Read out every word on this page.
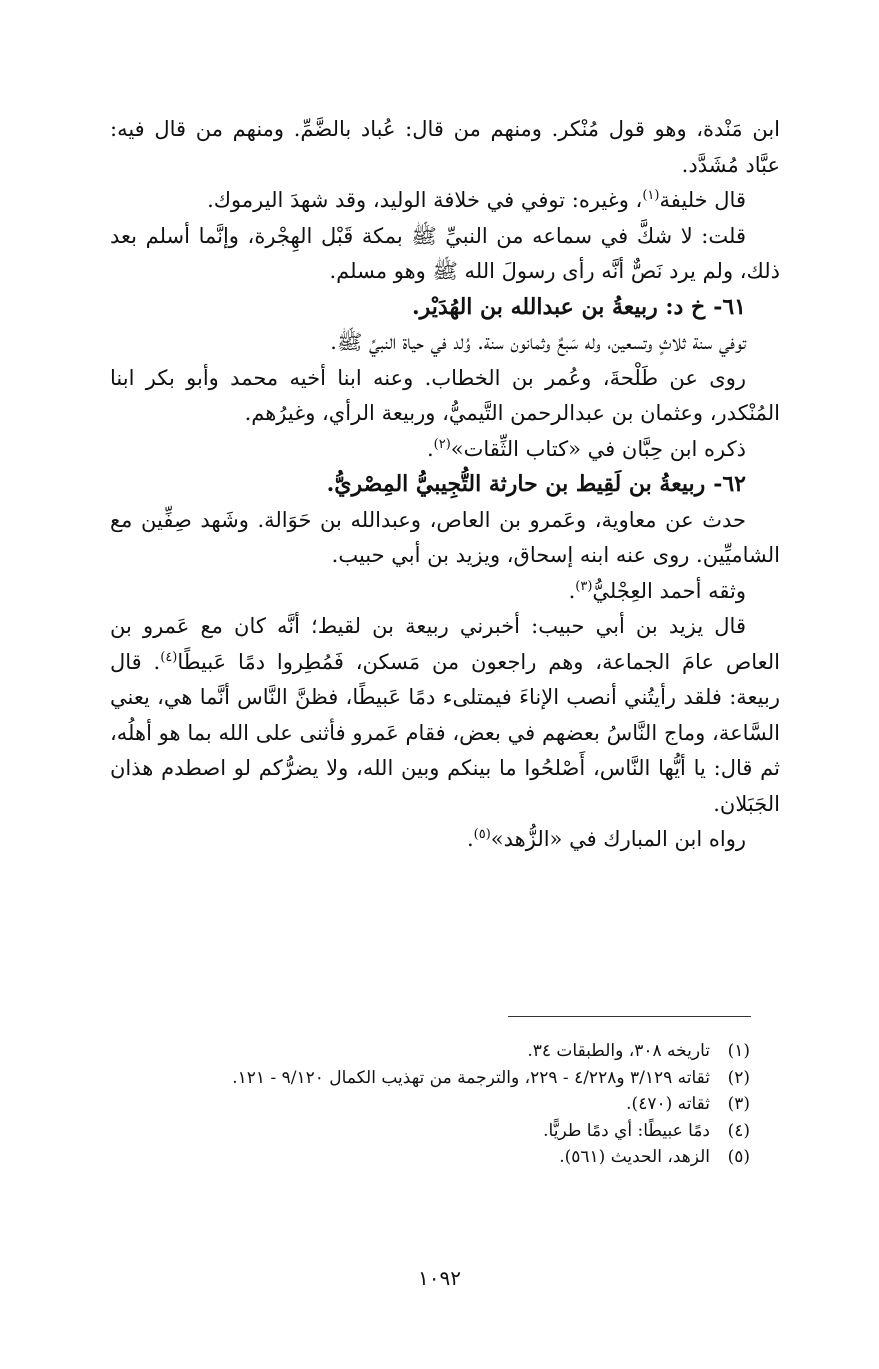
ابن مَنْدة، وهو قول مُنْكر. ومنهم من قال: عُباد بالضَّمِّ. ومنهم من قال فيه: عبَّاد مُشَدَّد.

قال خليفة$^{(١)}$، وغيره: توفي في خلافة الوليد، وقد شهدَ اليرموك.

قلت: لا شكَّ في سماعه من النبيِّ ﷺ بمكة قَبْل الهِجْرة، وإنَّما أسلم بعد ذلك، ولم يرد نَصٌّ أنَّه رأى رسولَ الله ﷺ وهو مسلم.

٦١-خ د: ربيعةُ بن عبدالله بن الهُدَيْر.

توفي سنة ثلاثٍ وتسعين، وله سَبعٌ وثمانون سنة. وُلد في حياة النبيِّ ﷺ.

روى عن طَلْحةَ، وعُمر بن الخطاب. وعنه ابنا أخيه محمد وأبو بكر ابنا المُنْكدر، وعثمان بن عبدالرحمن التَّيميُّ، وربيعة الرأي، وغيرُهم.

ذكره ابن حِبَّان في «كتاب الثِّقات»$^{(٢)}$.

٦٢-ربيعةُ بن لَقِيط بن حارثة التُّجِيبيُّ المِصْريُّ.

حدث عن معاوية، وعَمرو بن العاص، وعبدالله بن حَوَالة. وشَهد صِفِّين مع الشاميِّين. روى عنه ابنه إسحاق، ويزيد بن أبي حبيب.

وثقه أحمد العِجْليُّ$^{(٣)}$.

قال يزيد بن أبي حبيب: أخبرني ربيعة بن لقيط؛ أنَّه كان مع عَمرو بن العاص عامَ الجماعة، وهم راجعون من مَسكن، فَمُطِروا دمًا عَبيطًا$^{(٤)}$. قال ربيعة: فلقد رأيتُني أنصب الإناءَ فيمتلىء دمًا عَبيطًا، فظنَّ النَّاس أنَّما هي، يعني السَّاعة، وماج النَّاسُ بعضهم في بعض، فقام عَمرو فأثنى على الله بما هو أهلُه، ثم قال: يا أيُّها النَّاس، أَصْلحُوا ما بينكم وبين الله، ولا يضرُّكم لو اصطدم هذان الجَبَلان.

رواه ابن المبارك في «الزُّهد»$^{(٥)}$.

(١)تاريخه ٣٠٨، والطبقات ٣٤.
(٢)ثقاته ٣/١٢٩ و٤/٢٢٨ - ٢٢٩، والترجمة من تهذيب الكمال ٩/١٢٠ - ١٢١.
(٣)ثقاته (٤٧٠).
(٤)دمًا عبيطًا: أي دمًا طريًّا.
(٥)الزهد، الحديث (٥٦١).
١٠٩٢
